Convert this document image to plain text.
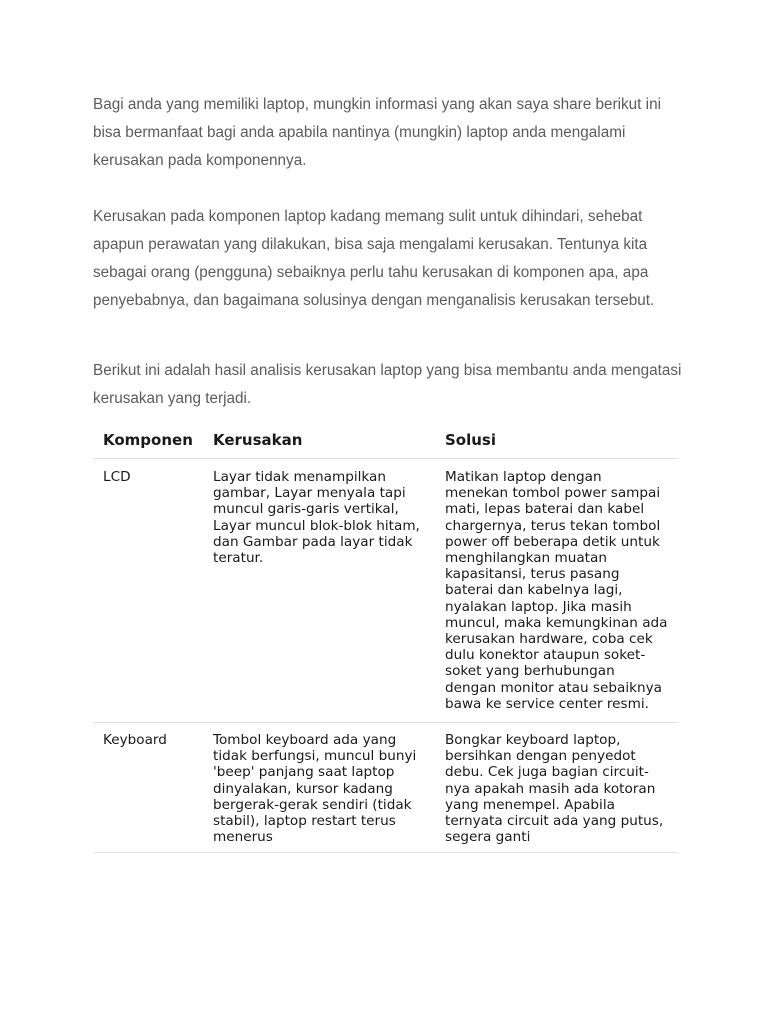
Bagi anda yang memiliki laptop, mungkin informasi yang akan saya share berikut ini bisa bermanfaat bagi anda apabila nantinya (mungkin) laptop anda mengalami kerusakan pada komponennya.

Kerusakan pada komponen laptop kadang memang sulit untuk dihindari, sehebat apapun perawatan yang dilakukan, bisa saja mengalami kerusakan. Tentunya kita sebagai orang (pengguna) sebaiknya perlu tahu kerusakan di komponen apa, apa penyebabnya, dan bagaimana solusinya dengan menganalisis kerusakan tersebut.

Berikut ini adalah hasil analisis kerusakan laptop yang bisa membantu anda mengatasi kerusakan yang terjadi.

Komponen	Kerusakan	Solusi
LCD	Layar tidak menampilkan gambar, Layar menyala tapi muncul garis-garis vertikal, Layar muncul blok-blok hitam, dan Gambar pada layar tidak teratur.	Matikan laptop dengan menekan tombol power sampai mati, lepas baterai dan kabel chargernya, terus tekan tombol power off beberapa detik untuk menghilangkan muatan kapasitansi, terus pasang baterai dan kabelnya lagi, nyalakan laptop. Jika masih muncul, maka kemungkinan ada kerusakan hardware, coba cek dulu konektor ataupun soket-soket yang berhubungan dengan monitor atau sebaiknya bawa ke service center resmi.
Keyboard	Tombol keyboard ada yang tidak berfungsi, muncul bunyi 'beep' panjang saat laptop dinyalakan, kursor kadang bergerak-gerak sendiri (tidak stabil), laptop restart terus menerus	Bongkar keyboard laptop, bersihkan dengan penyedot debu. Cek juga bagian circuit-nya apakah masih ada kotoran yang menempel. Apabila ternyata circuit ada yang putus, segera ganti
